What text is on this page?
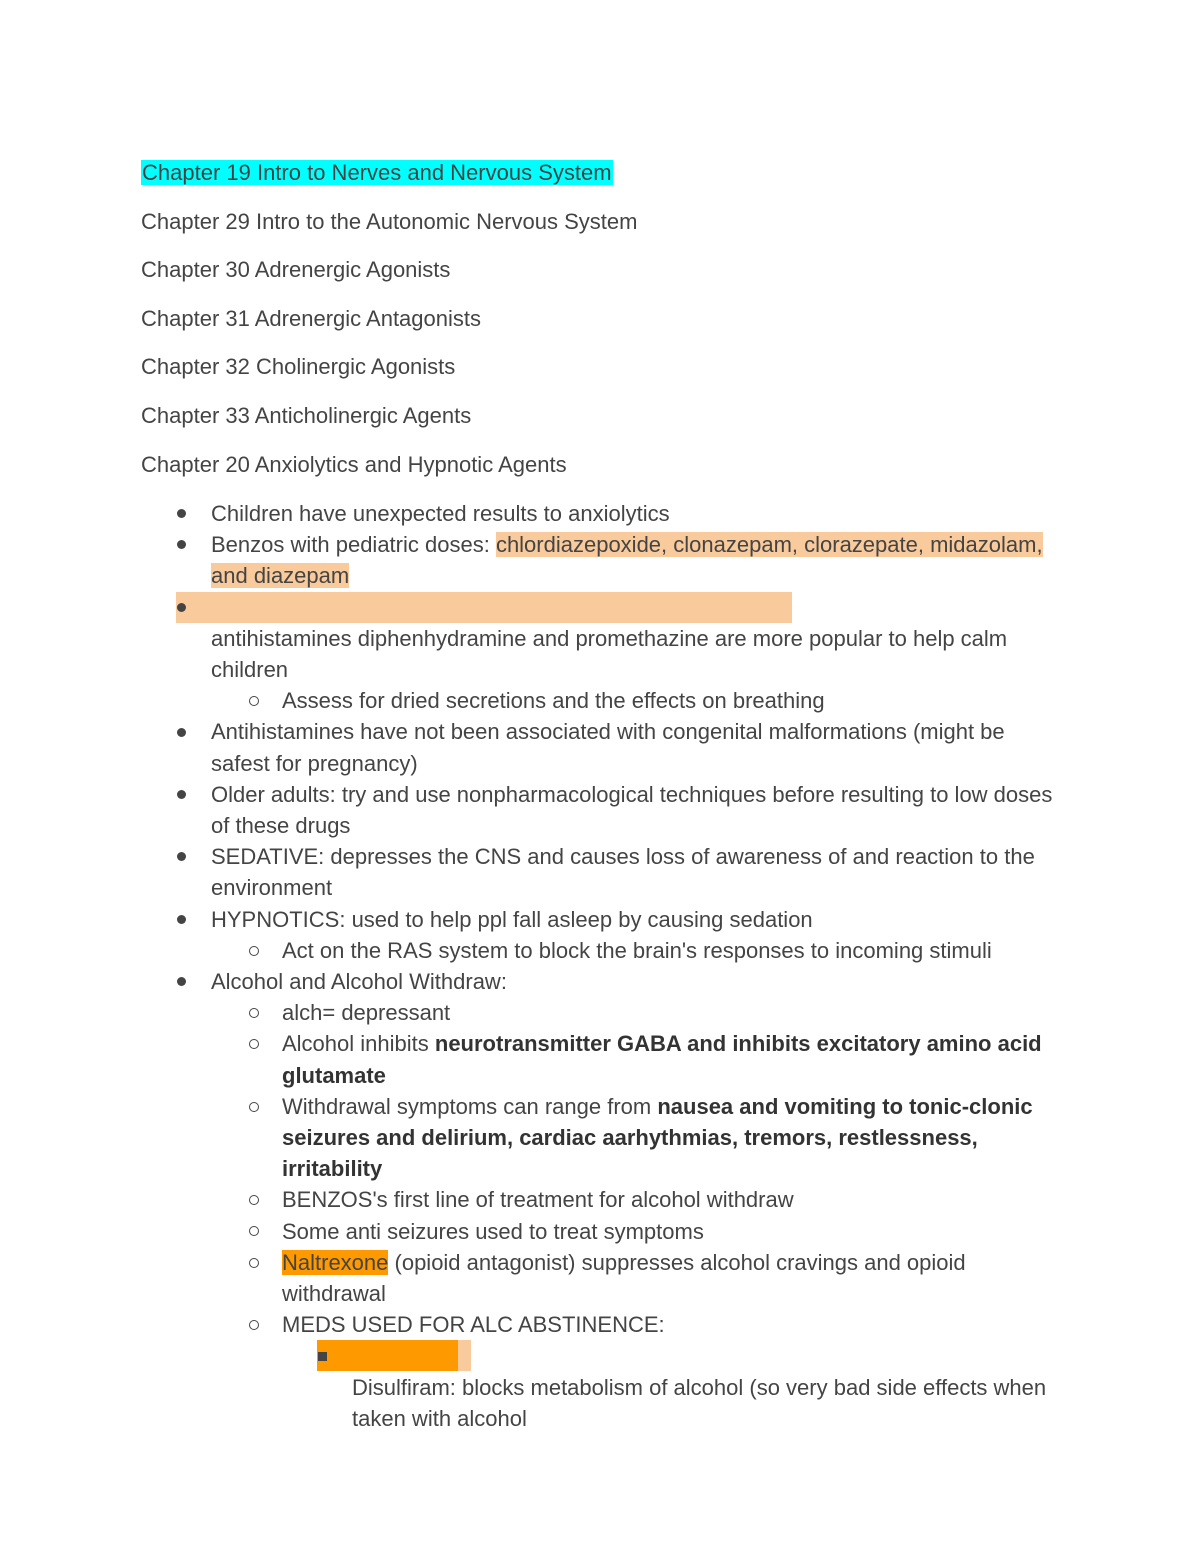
Chapter 19 Intro to Nerves and Nervous System
Chapter 29 Intro to the Autonomic Nervous System
Chapter 30 Adrenergic Agonists
Chapter 31 Adrenergic Antagonists
Chapter 32 Cholinergic Agonists
Chapter 33 Anticholinergic Agents
Chapter 20 Anxiolytics and Hypnotic Agents
Children have unexpected results to anxiolytics
Benzos with pediatric doses: chlordiazepoxide, clonazepam, clorazepate, midazolam, and diazepam
antihistamines diphenhydramine and promethazine are more popular to help calm children
Assess for dried secretions and the effects on breathing
Antihistamines have not been associated with congenital malformations (might be safest for pregnancy)
Older adults: try and use nonpharmacological techniques before resulting to low doses of these drugs
SEDATIVE: depresses the CNS and causes loss of awareness of and reaction to the environment
HYPNOTICS: used to help ppl fall asleep by causing sedation
Act on the RAS system to block the brain's responses to incoming stimuli
Alcohol and Alcohol Withdraw:
alch= depressant
Alcohol inhibits neurotransmitter GABA and inhibits excitatory amino acid glutamate
Withdrawal symptoms can range from nausea and vomiting to tonic-clonic seizures and delirium, cardiac aarhythmias, tremors, restlessness, irritability
BENZOS's first line of treatment for alcohol withdraw
Some anti seizures used to treat symptoms
Naltrexone (opioid antagonist) suppresses alcohol cravings and opioid withdrawal
MEDS USED FOR ALC ABSTINENCE:
Disulfiram: blocks metabolism of alcohol (so very bad side effects when taken with alcohol
